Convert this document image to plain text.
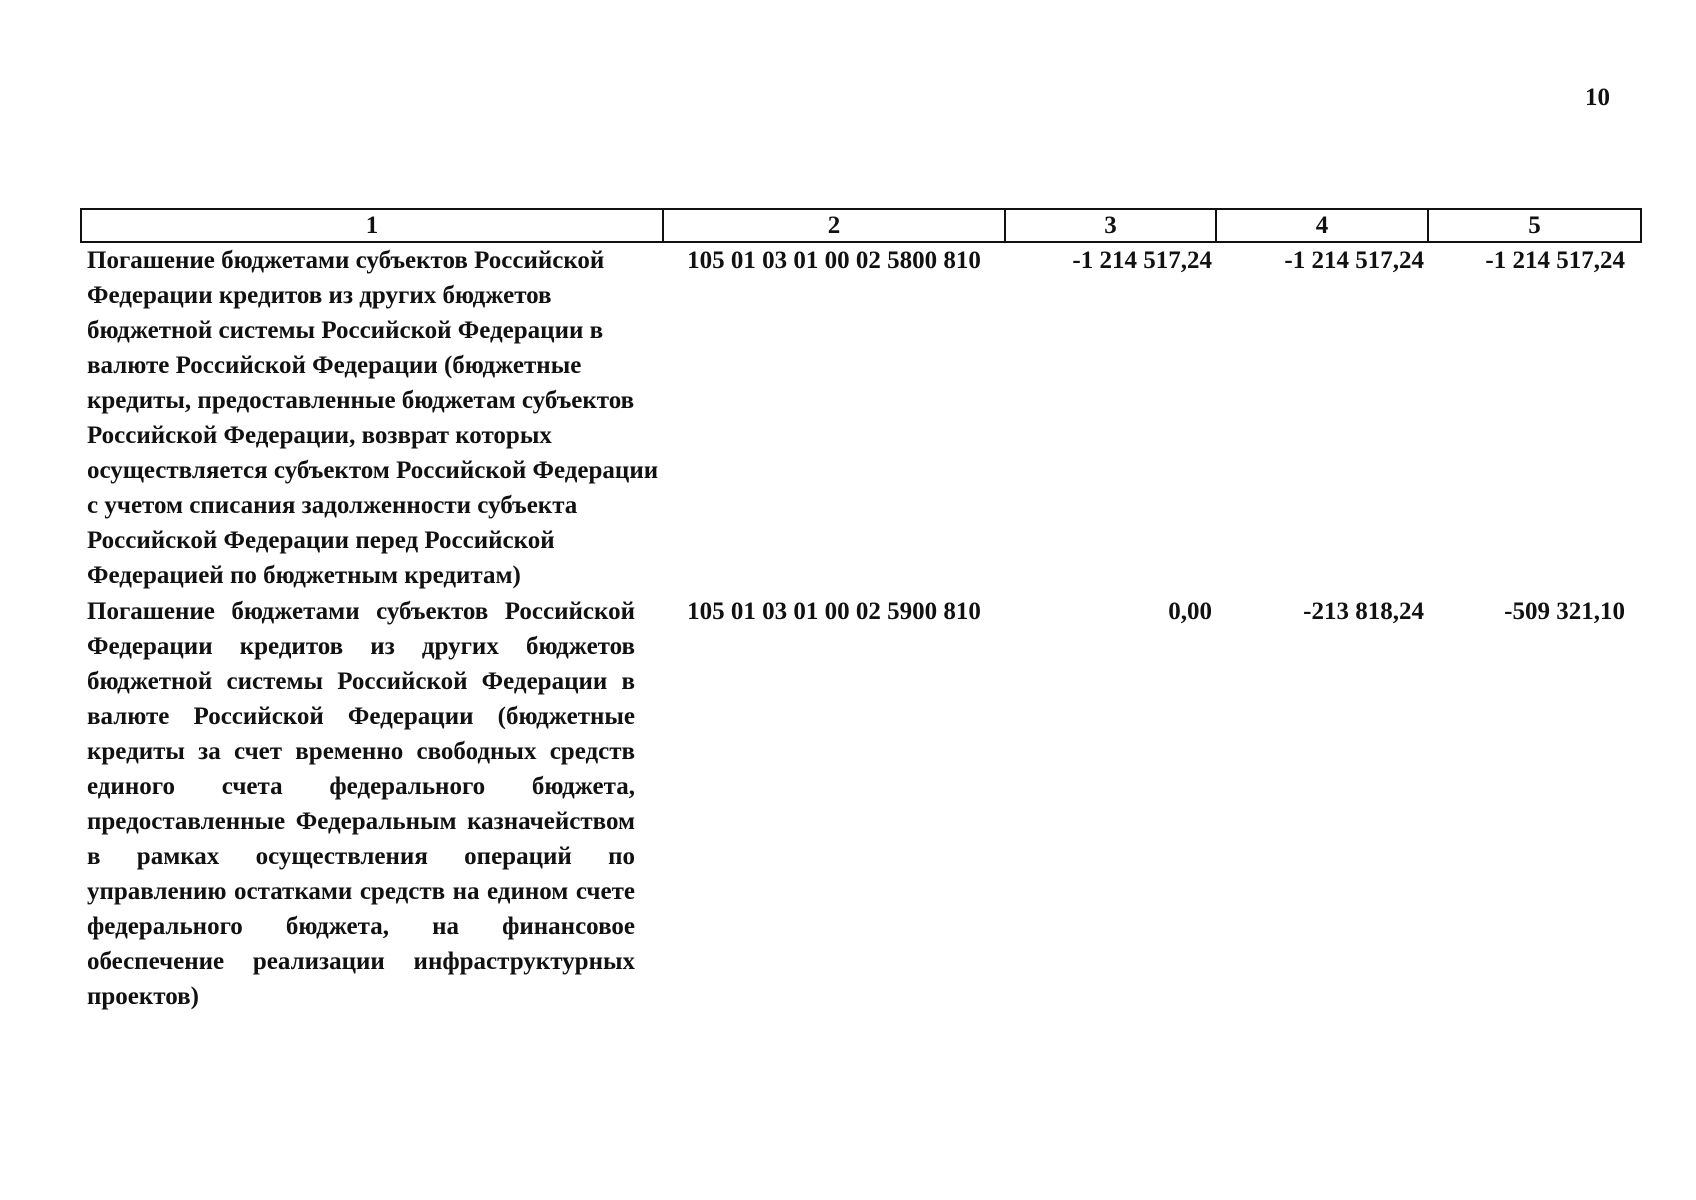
10
1	2	3	4	5
Погашение бюджетами субъектов Российской Федерации кредитов из других бюджетов бюджетной системы Российской Федерации в валюте Российской Федерации (бюджетные кредиты, предоставленные бюджетам субъектов Российской Федерации, возврат которых осуществляется субъектом Российской Федерации с учетом списания задолженности субъекта Российской Федерации перед Российской Федерацией по бюджетным кредитам)	105 01 03 01 00 02 5800 810	-1 214 517,24	-1 214 517,24	-1 214 517,24
Погашение бюджетами субъектов Российской Федерации кредитов из других бюджетов бюджетной системы Российской Федерации в валюте Российской Федерации (бюджетные кредиты за счет временно свободных средств единого счета федерального бюджета, предоставленные Федеральным казначейством в рамках осуществления операций по управлению остатками средств на едином счете федерального бюджета, на финансовое обеспечение реализации инфраструктурных проектов)	105 01 03 01 00 02 5900 810	0,00	-213 818,24	-509 321,10
